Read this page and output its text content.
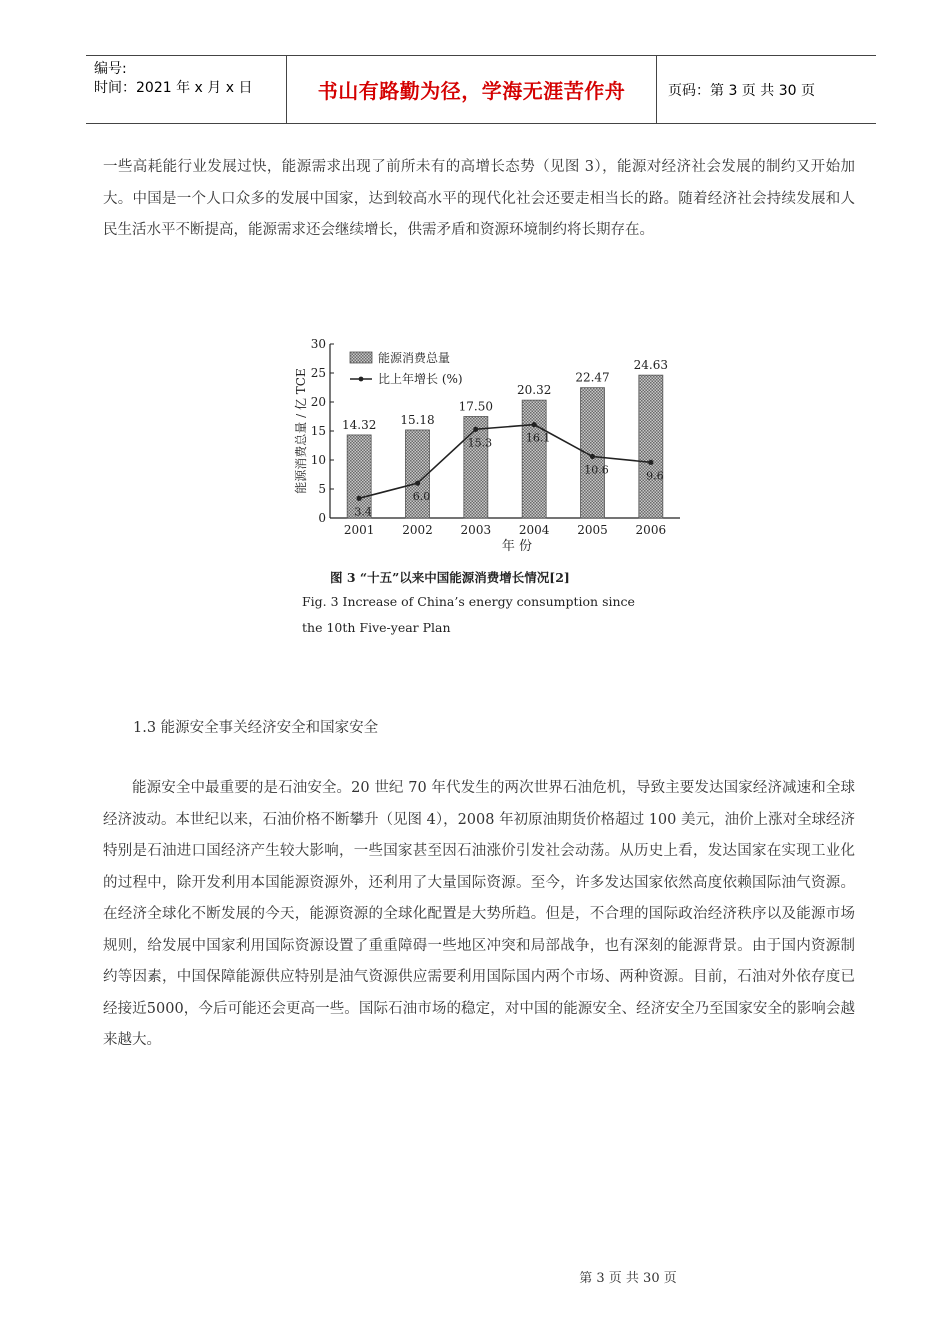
编号:
时间：2021 年 x 月 x 日	书山有路勤为径，学海无涯苦作舟	页码：第 3 页 共 30 页

一些高耗能行业发展过快，能源需求出现了前所未有的高增长态势（见图 3），能源对经济社会发展的制约又开始加大。中国是一个人口众多的发展中国家，达到较高水平的现代化社会还要走相当长的路。随着经济社会持续发展和人民生活水平不断提高，能源需求还会继续增长，供需矛盾和资源环境制约将长期存在。

0
5
10
15
20
25
30
能源消费总量 / 亿 TCE	14.32 15.18
17.50
20.32
22.47
24.63
2001 2002 2003 2004 2005 2006
年 份
3.4
6.0
15.3	16.1
10.6	9.6
能源消费总量
比上年增长 (%)
图 3 “十五”以来中国能源消费增长情况[2]
Fig. 3 Increase of China’s energy consumption since
the 10th Five-year Plan

1.3 能源安全事关经济安全和国家安全

能源安全中最重要的是石油安全。20 世纪 70 年代发生的两次世界石油危机，导致主要发达国家经济减速和全球经济波动。本世纪以来，石油价格不断攀升（见图 4），2008 年初原油期货价格超过 100 美元，油价上涨对全球经济特别是石油进口国经济产生较大影响，一些国家甚至因石油涨价引发社会动荡。从历史上看，发达国家在实现工业化的过程中，除开发利用本国能源资源外，还利用了大量国际资源。至今，许多发达国家依然高度依赖国际油气资源。在经济全球化不断发展的今天，能源资源的全球化配置是大势所趋。但是，不合理的国际政治经济秩序以及能源市场规则，给发展中国家利用国际资源设置了重重障碍一些地区冲突和局部战争，也有深刻的能源背景。由于国内资源制约等因素，中国保障能源供应特别是油气资源供应需要利用国际国内两个市场、两种资源。目前，石油对外依存度已经接近5000，今后可能还会更高一些。国际石油市场的稳定，对中国的能源安全、经济安全乃至国家安全的影响会越来越大。

第 3 页 共 30 页
